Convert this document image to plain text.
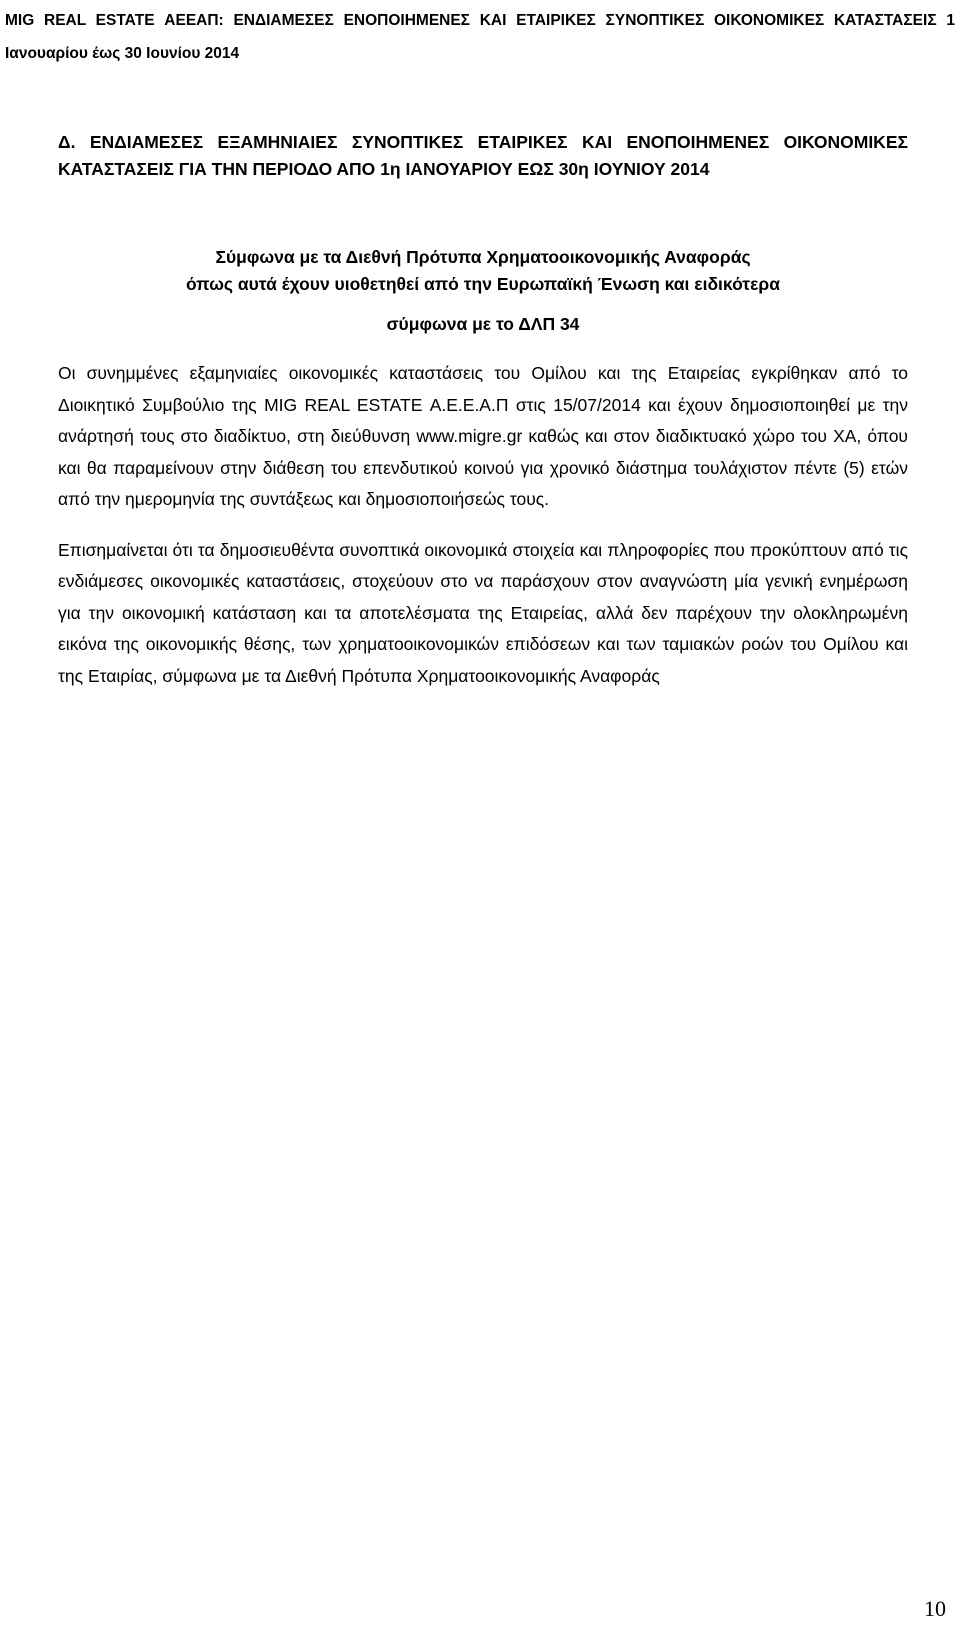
MIG REAL ESTATE ΑΕΕΑΠ: ΕΝΔΙΑΜΕΣΕΣ ΕΝΟΠΟΙΗΜΕΝΕΣ ΚΑΙ ΕΤΑΙΡΙΚΕΣ ΣΥΝΟΠΤΙΚΕΣ ΟΙΚΟΝΟΜΙΚΕΣ ΚΑΤΑΣΤΑΣΕΙΣ 1 Ιανουαρίου έως 30 Ιουνίου 2014

Δ. ΕΝΔΙΑΜΕΣΕΣ ΕΞΑΜΗΝΙΑΙΕΣ ΣΥΝΟΠΤΙΚΕΣ ΕΤΑΙΡΙΚΕΣ ΚΑΙ ΕΝΟΠΟΙΗΜΕΝΕΣ ΟΙΚΟΝΟΜΙΚΕΣ ΚΑΤΑΣΤΑΣΕΙΣ ΓΙΑ ΤΗΝ ΠΕΡΙΟΔΟ ΑΠΟ 1η ΙΑΝΟΥΑΡΙΟΥ ΕΩΣ 30η ΙΟΥΝΙΟΥ 2014

Σύμφωνα με τα Διεθνή Πρότυπα Χρηματοοικονομικής Αναφοράς
όπως αυτά έχουν υιοθετηθεί από την Ευρωπαϊκή Ένωση και ειδικότερα
σύμφωνα με το ΔΛΠ 34

Οι συνημμένες εξαμηνιαίες οικονομικές καταστάσεις του Ομίλου και της Εταιρείας εγκρίθηκαν από το Διοικητικό Συμβούλιο της MIG REAL ESTATE Α.Ε.Ε.Α.Π στις 15/07/2014 και έχουν δημοσιοποιηθεί με την ανάρτησή τους στο διαδίκτυο, στη διεύθυνση www.migre.gr καθώς και στον διαδικτυακό χώρο του ΧΑ, όπου και θα παραμείνουν στην διάθεση του επενδυτικού κοινού για χρονικό διάστημα τουλάχιστον πέντε (5) ετών από την ημερομηνία της συντάξεως και δημοσιοποιήσεώς τους.

Επισημαίνεται ότι τα δημοσιευθέντα συνοπτικά οικονομικά στοιχεία και πληροφορίες που προκύπτουν από τις ενδιάμεσες οικονομικές καταστάσεις, στοχεύουν στο να παράσχουν στον αναγνώστη μία γενική ενημέρωση για την οικονομική κατάσταση και τα αποτελέσματα της Εταιρείας, αλλά δεν παρέχουν την ολοκληρωμένη εικόνα της οικονομικής θέσης, των χρηματοοικονομικών επιδόσεων και των ταμιακών ροών του Ομίλου και της Εταιρίας, σύμφωνα με τα Διεθνή Πρότυπα Χρηματοοικονομικής Αναφοράς

10
